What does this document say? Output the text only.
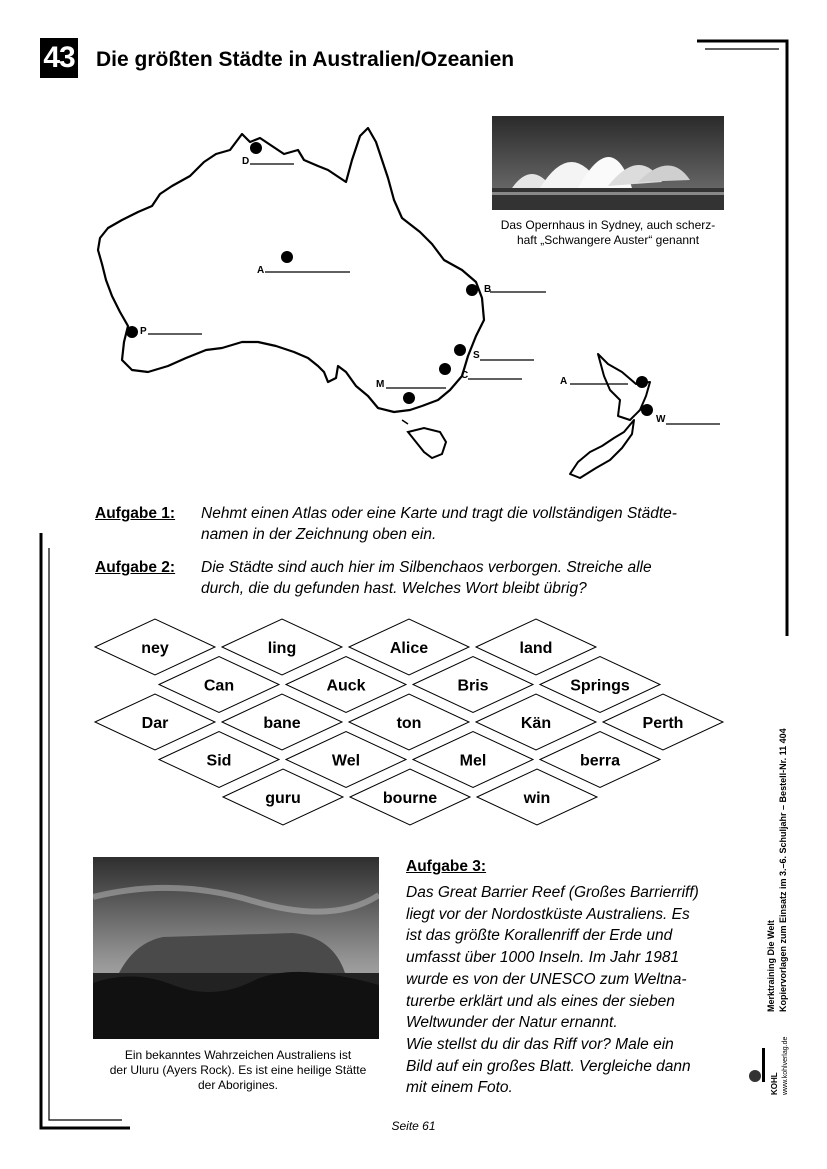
43 Die größten Städte in Australien/Ozeanien
D
A
B
P
S
C
M	A
W
Das Opernhaus in Sydney, auch scherz-
haft „Schwangere Auster“ genannt
Aufgabe 1: Nehmt einen Atlas oder eine Karte und tragt die vollständigen Städte-
namen in der Zeichnung oben ein.
Aufgabe 2: Die Städte sind auch hier im Silbenchaos verborgen. Streiche alle
durch, die du gefunden hast. Welches Wort bleibt übrig?
ney	ling	Alice	land
Can	Auck	Bris	Springs
Dar	bane	ton	Kän	Perth
Sid	Wel	Mel	berra
guru	bourne	win
Ein bekanntes Wahrzeichen Australiens ist
der Uluru (Ayers Rock). Es ist eine heilige Stätte
der Aborigines.
Aufgabe 3:
Das Great Barrier Reef (Großes Barrierriff)
liegt vor der Nordostküste Australiens. Es
ist das größte Korallenriff der Erde und
umfasst über 1000 Inseln. Im Jahr 1981
wurde es von der UNESCO zum Weltna-
turerbe erklärt und als eines der sieben
Weltwunder der Natur ernannt.
Wie stellst du dir das Riff vor? Male ein
Bild auf ein großes Blatt. Vergleiche dann
mit einem Foto.
Merktraining Die Welt Kopiervorlagen zum Einsatz im 3.–6. Schuljahr – Bestell-Nr. 11 404
KOHL www.kohlverlag.de
Seite 61
